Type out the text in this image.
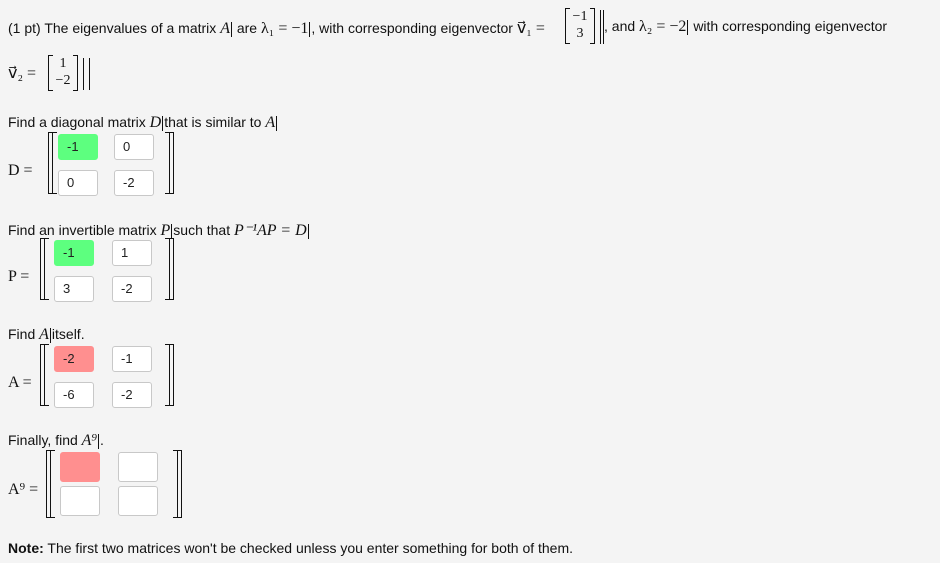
(1 pt) The eigenvalues of a matrix A are λ₁ = −1 , with corresponding eigenvector v⃗₁ =
−1
3	, and λ₂ = −2 with corresponding eigenvector
v⃗₂ =
1
−2
Find a diagonal matrix D that is similar to A
D =
-1	0
0	-2
Find an invertible matrix P such that P⁻¹AP = D
P =
-1	1
3	-2
Find A itself.
A =
-2	-1
-6	-2
Finally, find A⁹ .
A⁹ =
Note: The first two matrices won't be checked unless you enter something for both of them.
